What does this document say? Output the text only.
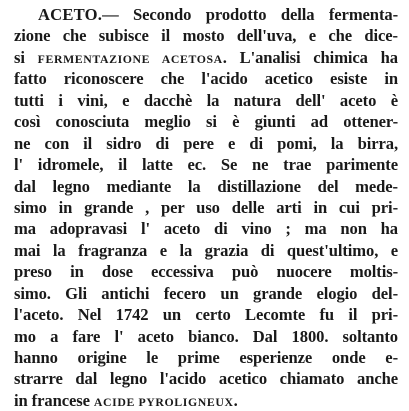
ACETO.— Secondo prodotto della fermenta-
zione che subisce il mosto dell'uva, e che dice-
si FERMENTAZIONE ACETOSA. L'analisi chimica ha
fatto riconoscere che l'acido acetico esiste in
tutti i vini, e dacchè la natura dell' aceto è
così conosciuta meglio si è giunti ad ottener-
ne con il sidro di pere e di pomi, la birra,
l' idromele, il latte ec. Se ne trae parimente
dal legno mediante la distillazione del mede-
simo in grande , per uso delle arti in cui pri-
ma adopravasi l' aceto di vino ; ma non ha
mai la fragranza e la grazia di quest'ultimo, e
preso in dose eccessiva può nuocere moltis-
simo. Gli antichi fecero un grande elogio del-
l'aceto. Nel 1742 un certo Lecomte fu il pri-
mo a fare l' aceto bianco. Dal 1800. soltanto
hanno origine le prime esperienze onde e-
strarre dal legno l'acido acetico chiamato anche
in francese ACIDE PYROLIGNEUX.
